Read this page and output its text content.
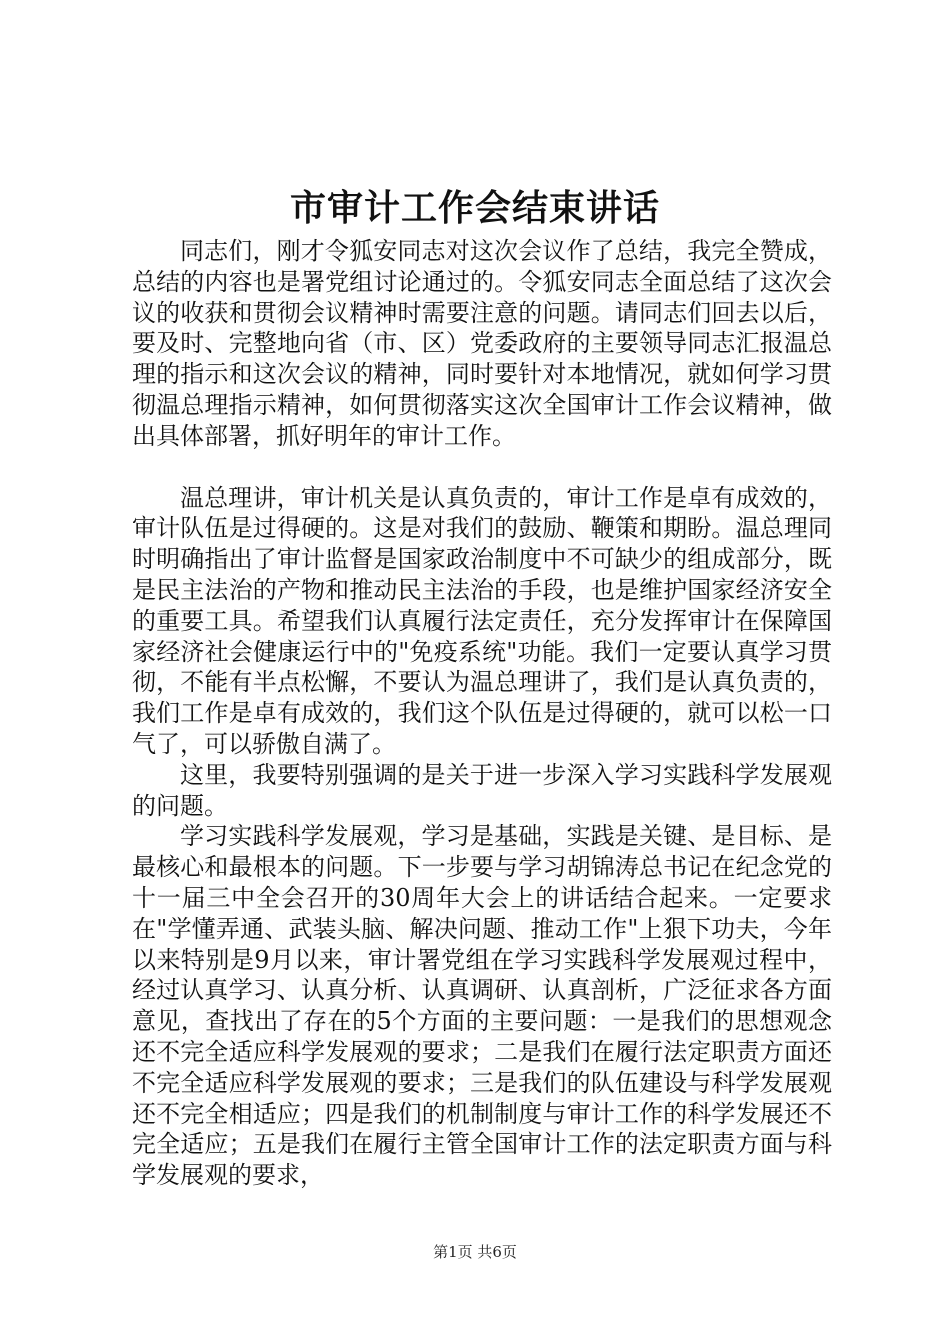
市审计工作会结束讲话

同志们，刚才令狐安同志对这次会议作了总结，我完全赞成，总结的内容也是署党组讨论通过的。令狐安同志全面总结了这次会议的收获和贯彻会议精神时需要注意的问题。请同志们回去以后，要及时、完整地向省（市、区）党委政府的主要领导同志汇报温总理的指示和这次会议的精神，同时要针对本地情况，就如何学习贯彻温总理指示精神，如何贯彻落实这次全国审计工作会议精神，做出具体部署，抓好明年的审计工作。

温总理讲，审计机关是认真负责的，审计工作是卓有成效的，审计队伍是过得硬的。这是对我们的鼓励、鞭策和期盼。温总理同时明确指出了审计监督是国家政治制度中不可缺少的组成部分，既是民主法治的产物和推动民主法治的手段，也是维护国家经济安全的重要工具。希望我们认真履行法定责任，充分发挥审计在保障国家经济社会健康运行中的"免疫系统"功能。我们一定要认真学习贯彻，不能有半点松懈，不要认为温总理讲了，我们是认真负责的，我们工作是卓有成效的，我们这个队伍是过得硬的，就可以松一口气了，可以骄傲自满了。

这里，我要特别强调的是关于进一步深入学习实践科学发展观的问题。

学习实践科学发展观，学习是基础，实践是关键、是目标、是最核心和最根本的问题。下一步要与学习胡锦涛总书记在纪念党的十一届三中全会召开的30周年大会上的讲话结合起来。一定要求在"学懂弄通、武装头脑、解决问题、推动工作"上狠下功夫，今年以来特别是9月以来，审计署党组在学习实践科学发展观过程中，经过认真学习、认真分析、认真调研、认真剖析，广泛征求各方面意见，查找出了存在的5个方面的主要问题：一是我们的思想观念还不完全适应科学发展观的要求；二是我们在履行法定职责方面还不完全适应科学发展观的要求；三是我们的队伍建设与科学发展观还不完全相适应；四是我们的机制制度与审计工作的科学发展还不完全适应；五是我们在履行主管全国审计工作的法定职责方面与科学发展观的要求，

第1页 共6页
